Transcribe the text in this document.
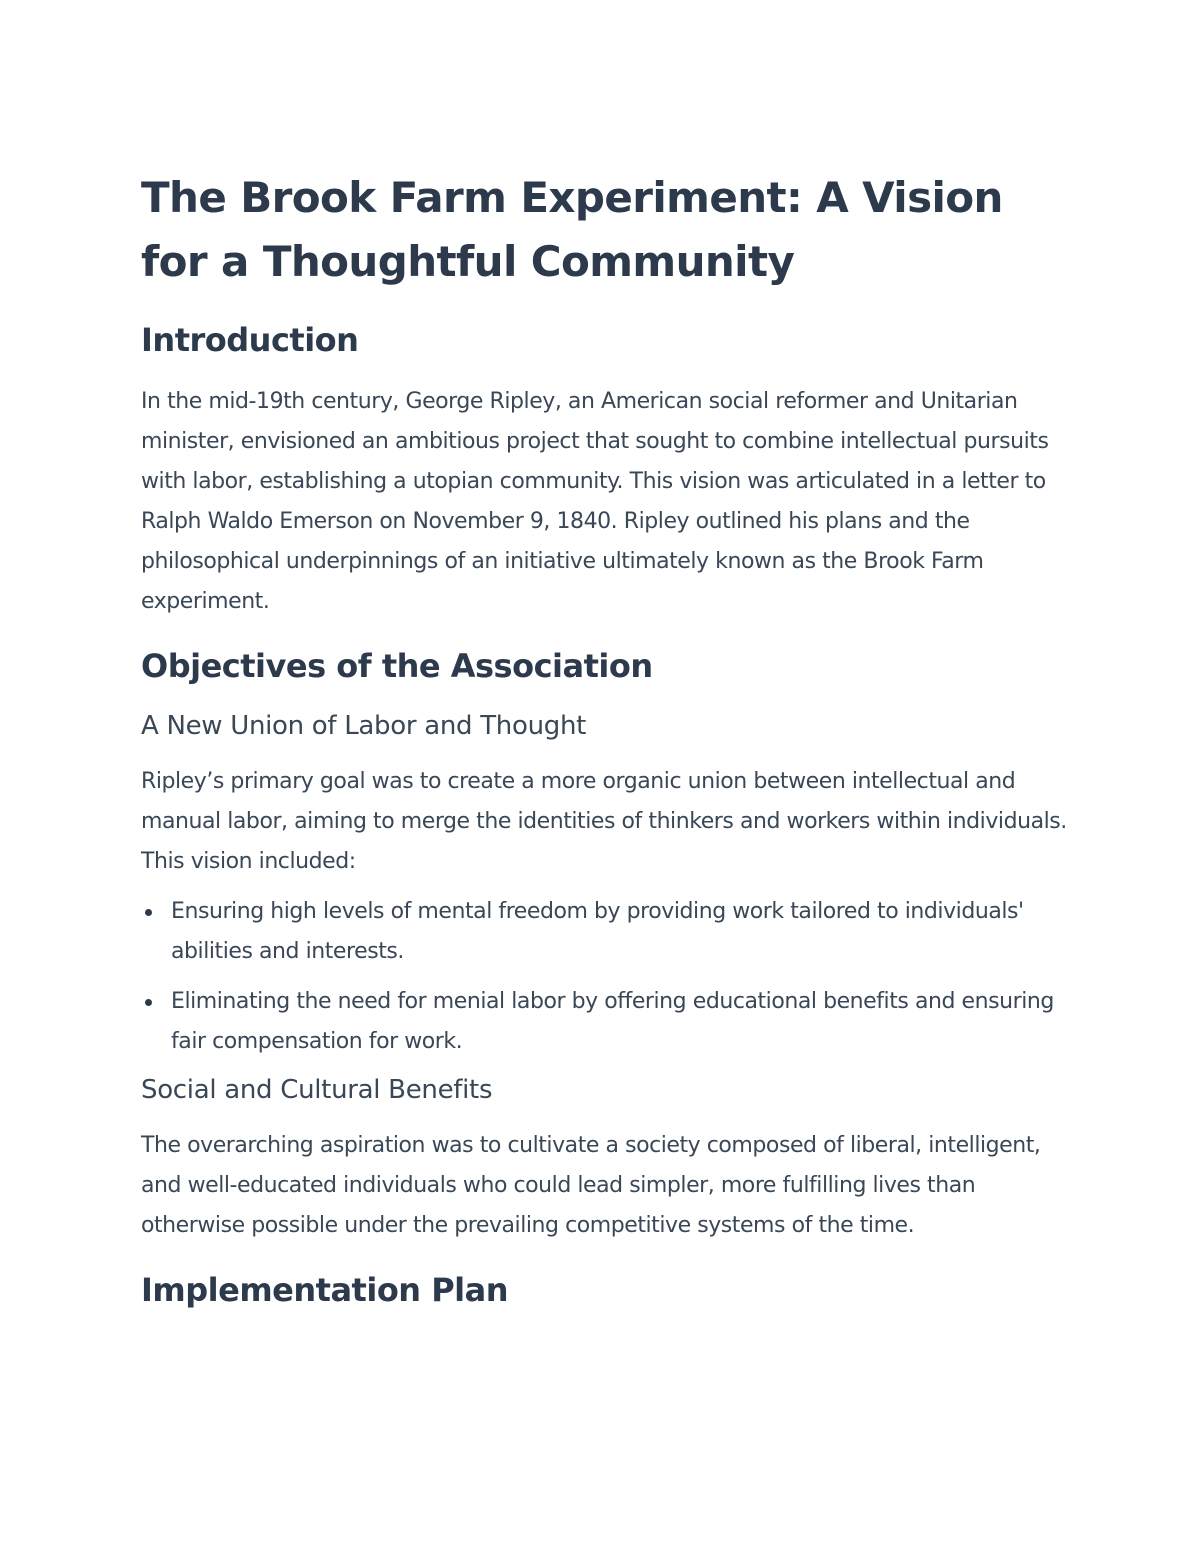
The Brook Farm Experiment: A Vision for a Thoughtful Community
Introduction

In the mid-19th century, George Ripley, an American social reformer and Unitarian minister, envisioned an ambitious project that sought to combine intellectual pursuits with labor, establishing a utopian community. This vision was articulated in a letter to Ralph Waldo Emerson on November 9, 1840. Ripley outlined his plans and the philosophical underpinnings of an initiative ultimately known as the Brook Farm experiment.

Objectives of the Association
A New Union of Labor and Thought

Ripley’s primary goal was to create a more organic union between intellectual and manual labor, aiming to merge the identities of thinkers and workers within individuals. This vision included:

Ensuring high levels of mental freedom by providing work tailored to individuals' abilities and interests.
Eliminating the need for menial labor by offering educational benefits and ensuring fair compensation for work.
Social and Cultural Benefits

The overarching aspiration was to cultivate a society composed of liberal, intelligent, and well-educated individuals who could lead simpler, more fulfilling lives than otherwise possible under the prevailing competitive systems of the time.

Implementation Plan
